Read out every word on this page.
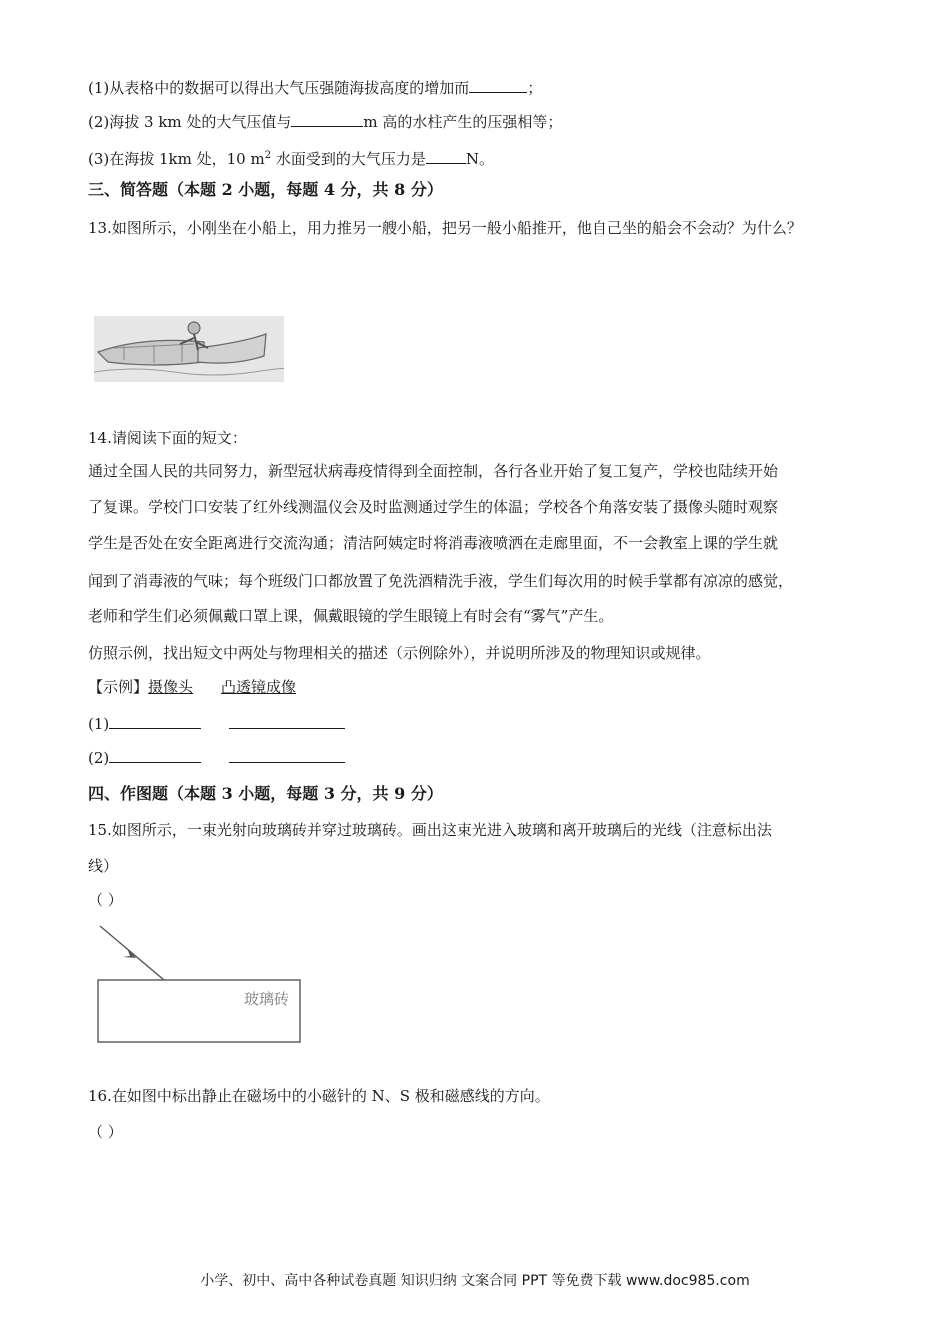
(1)从表格中的数据可以得出大气压强随海拔高度的增加而	；
(2)海拔 3 km 处的大气压值与	m 高的水柱产生的压强相等；
(3)在海拔 1km 处，10 $m^2$ 水面受到的大气压力是	N。
三、简答题（本题 2 小题，每题 4 分，共 8 分）
13.如图所示，小刚坐在小船上，用力推另一艘小船，把另一般小船推开，他自己坐的船会不会动？为什么？
14.请阅读下面的短文：
通过全国人民的共同努力，新型冠状病毒疫情得到全面控制，各行各业开始了复工复产，学校也陆续开始
了复课。学校门口安装了红外线测温仪会及时监测通过学生的体温；学校各个角落安装了摄像头随时观察
学生是否处在安全距离进行交流沟通；清洁阿姨定时将消毒液喷洒在走廊里面，不一会教室上课的学生就
闻到了消毒液的气味；每个班级门口都放置了免洗酒精洗手液，学生们每次用的时候手掌都有凉凉的感觉，
老师和学生们必须佩戴口罩上课，佩戴眼镜的学生眼镜上有时会有“雾气”产生。
仿照示例，找出短文中两处与物理相关的描述（示例除外），并说明所涉及的物理知识或规律。
【示例】摄像头 凸透镜成像
(1)
(2)
四、作图题（本题 3 小题，每题 3 分，共 9 分）
15.如图所示，一束光射向玻璃砖并穿过玻璃砖。画出这束光进入玻璃和离开玻璃后的光线（注意标出法
线）
（ ）
玻璃砖
16.在如图中标出静止在磁场中的小磁针的 N、S 极和磁感线的方向。
（ ）
小学、初中、高中各种试卷真题 知识归纳 文案合同 PPT 等免费下载 www.doc985.com
